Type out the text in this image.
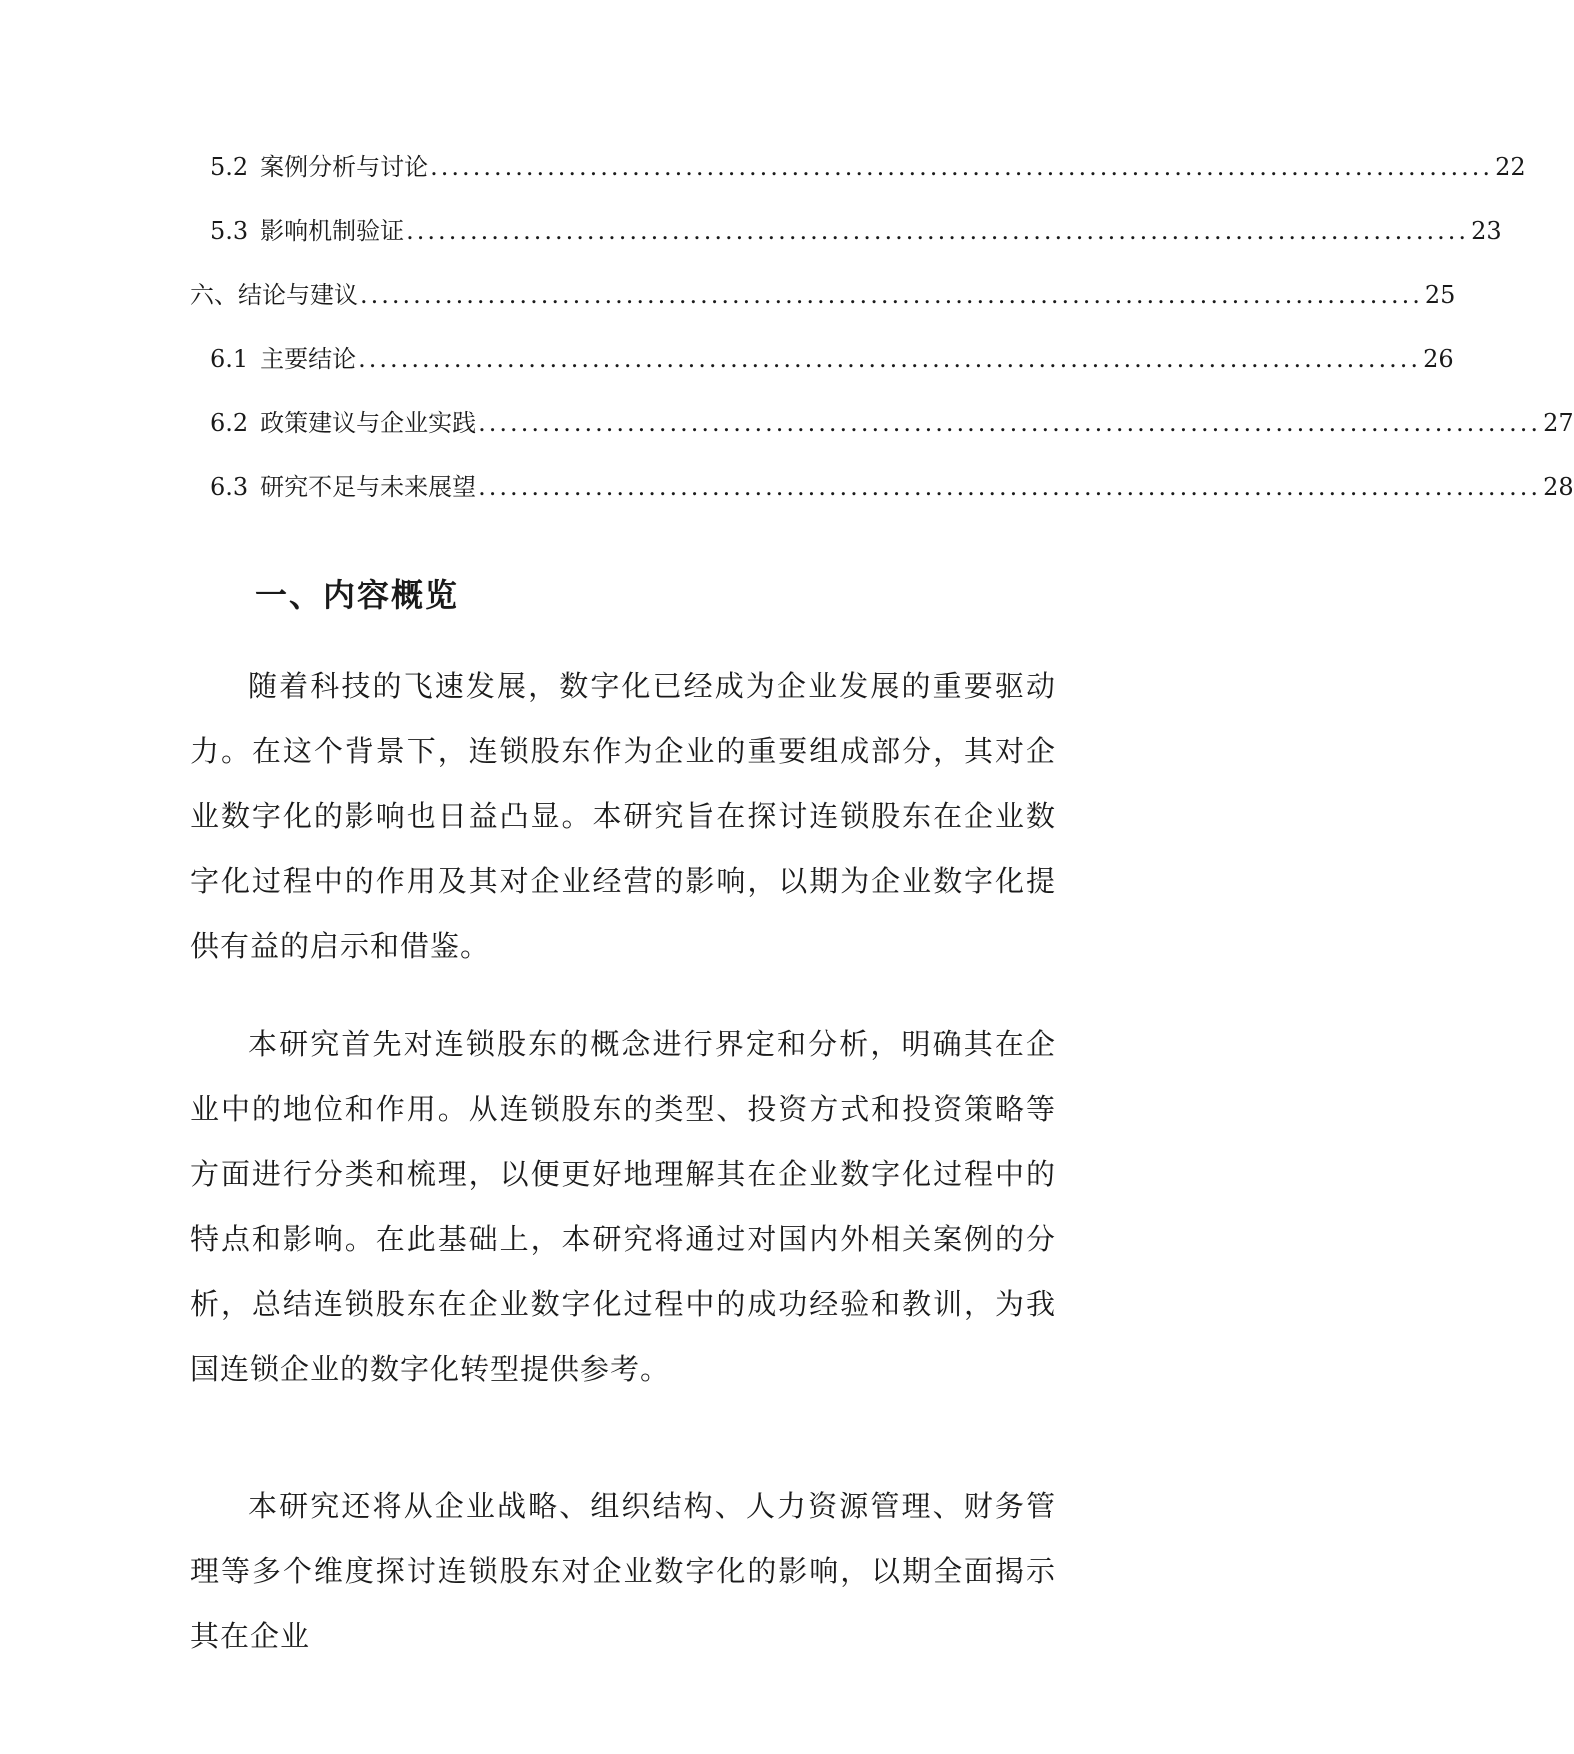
5.2 案例分析与讨论 .................................................................................................... 22
5.3 影响机制验证 .................................................................................................... 23
六、结论与建议 .................................................................................................... 25
6.1 主要结论 .................................................................................................... 26
6.2 政策建议与企业实践 .................................................................................................... 27
6.3 研究不足与未来展望 .................................................................................................... 28
一、内容概览

随着科技的飞速发展，数字化已经成为企业发展的重要驱动力。在这个背景下，连锁股东作为企业的重要组成部分，其对企业数字化的影响也日益凸显。本研究旨在探讨连锁股东在企业数字化过程中的作用及其对企业经营的影响，以期为企业数字化提供有益的启示和借鉴。

本研究首先对连锁股东的概念进行界定和分析，明确其在企业中的地位和作用。从连锁股东的类型、投资方式和投资策略等方面进行分类和梳理，以便更好地理解其在企业数字化过程中的特点和影响。在此基础上，本研究将通过对国内外相关案例的分析，总结连锁股东在企业数字化过程中的成功经验和教训，为我国连锁企业的数字化转型提供参考。

本研究还将从企业战略、组织结构、人力资源管理、财务管理等多个维度探讨连锁股东对企业数字化的影响，以期全面揭示其在企业
